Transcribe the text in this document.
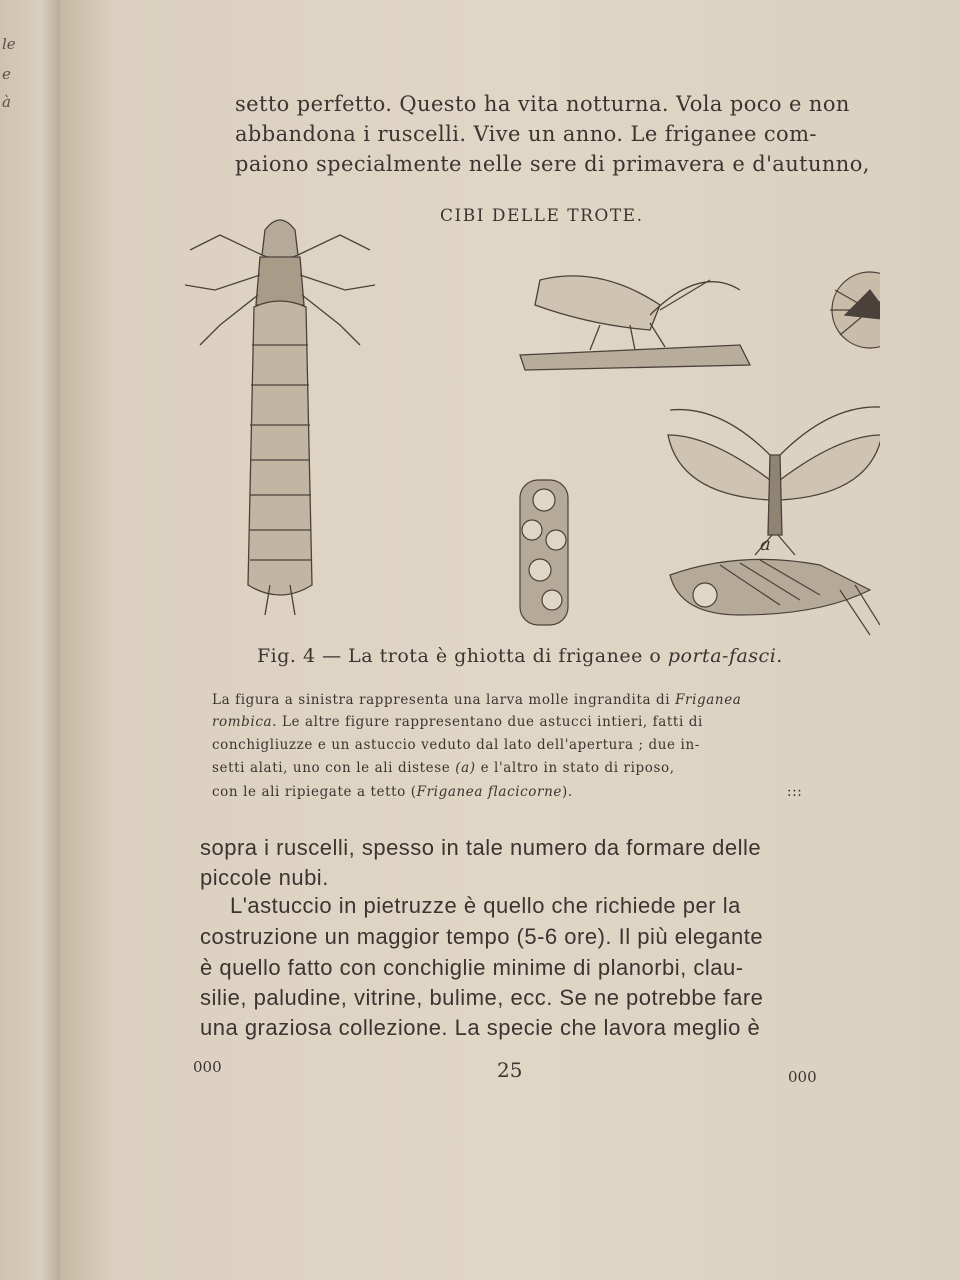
le
e
à	setto perfetto. Questo ha vita notturna. Vola poco e non
abbandona i ruscelli. Vive un anno. Le friganee com-
paiono specialmente nelle sere di primavera e d'autunno,
CIBI DELLE TROTE.
a
Fig. 4 — La trota è ghiotta di friganee o porta-fasci.
La figura a sinistra rappresenta una larva molle ingrandita di Friganea
rombica. Le altre figure rappresentano due astucci intieri, fatti di
conchigliuzze e un astuccio veduto dal lato dell'apertura ; due in-
setti alati, uno con le ali distese (a) e l'altro in stato di riposo,
con le ali ripiegate a tetto (Friganea flacicorne).	:::
sopra i ruscelli, spesso in tale numero da formare delle
piccole nubi.
L'astuccio in pietruzze è quello che richiede per la
costruzione un maggior tempo (5-6 ore). Il più elegante
è quello fatto con conchiglie minime di planorbi, clau-
silie, paludine, vitrine, bulime, ecc. Se ne potrebbe fare
una graziosa collezione. La specie che lavora meglio è
000	25	000
